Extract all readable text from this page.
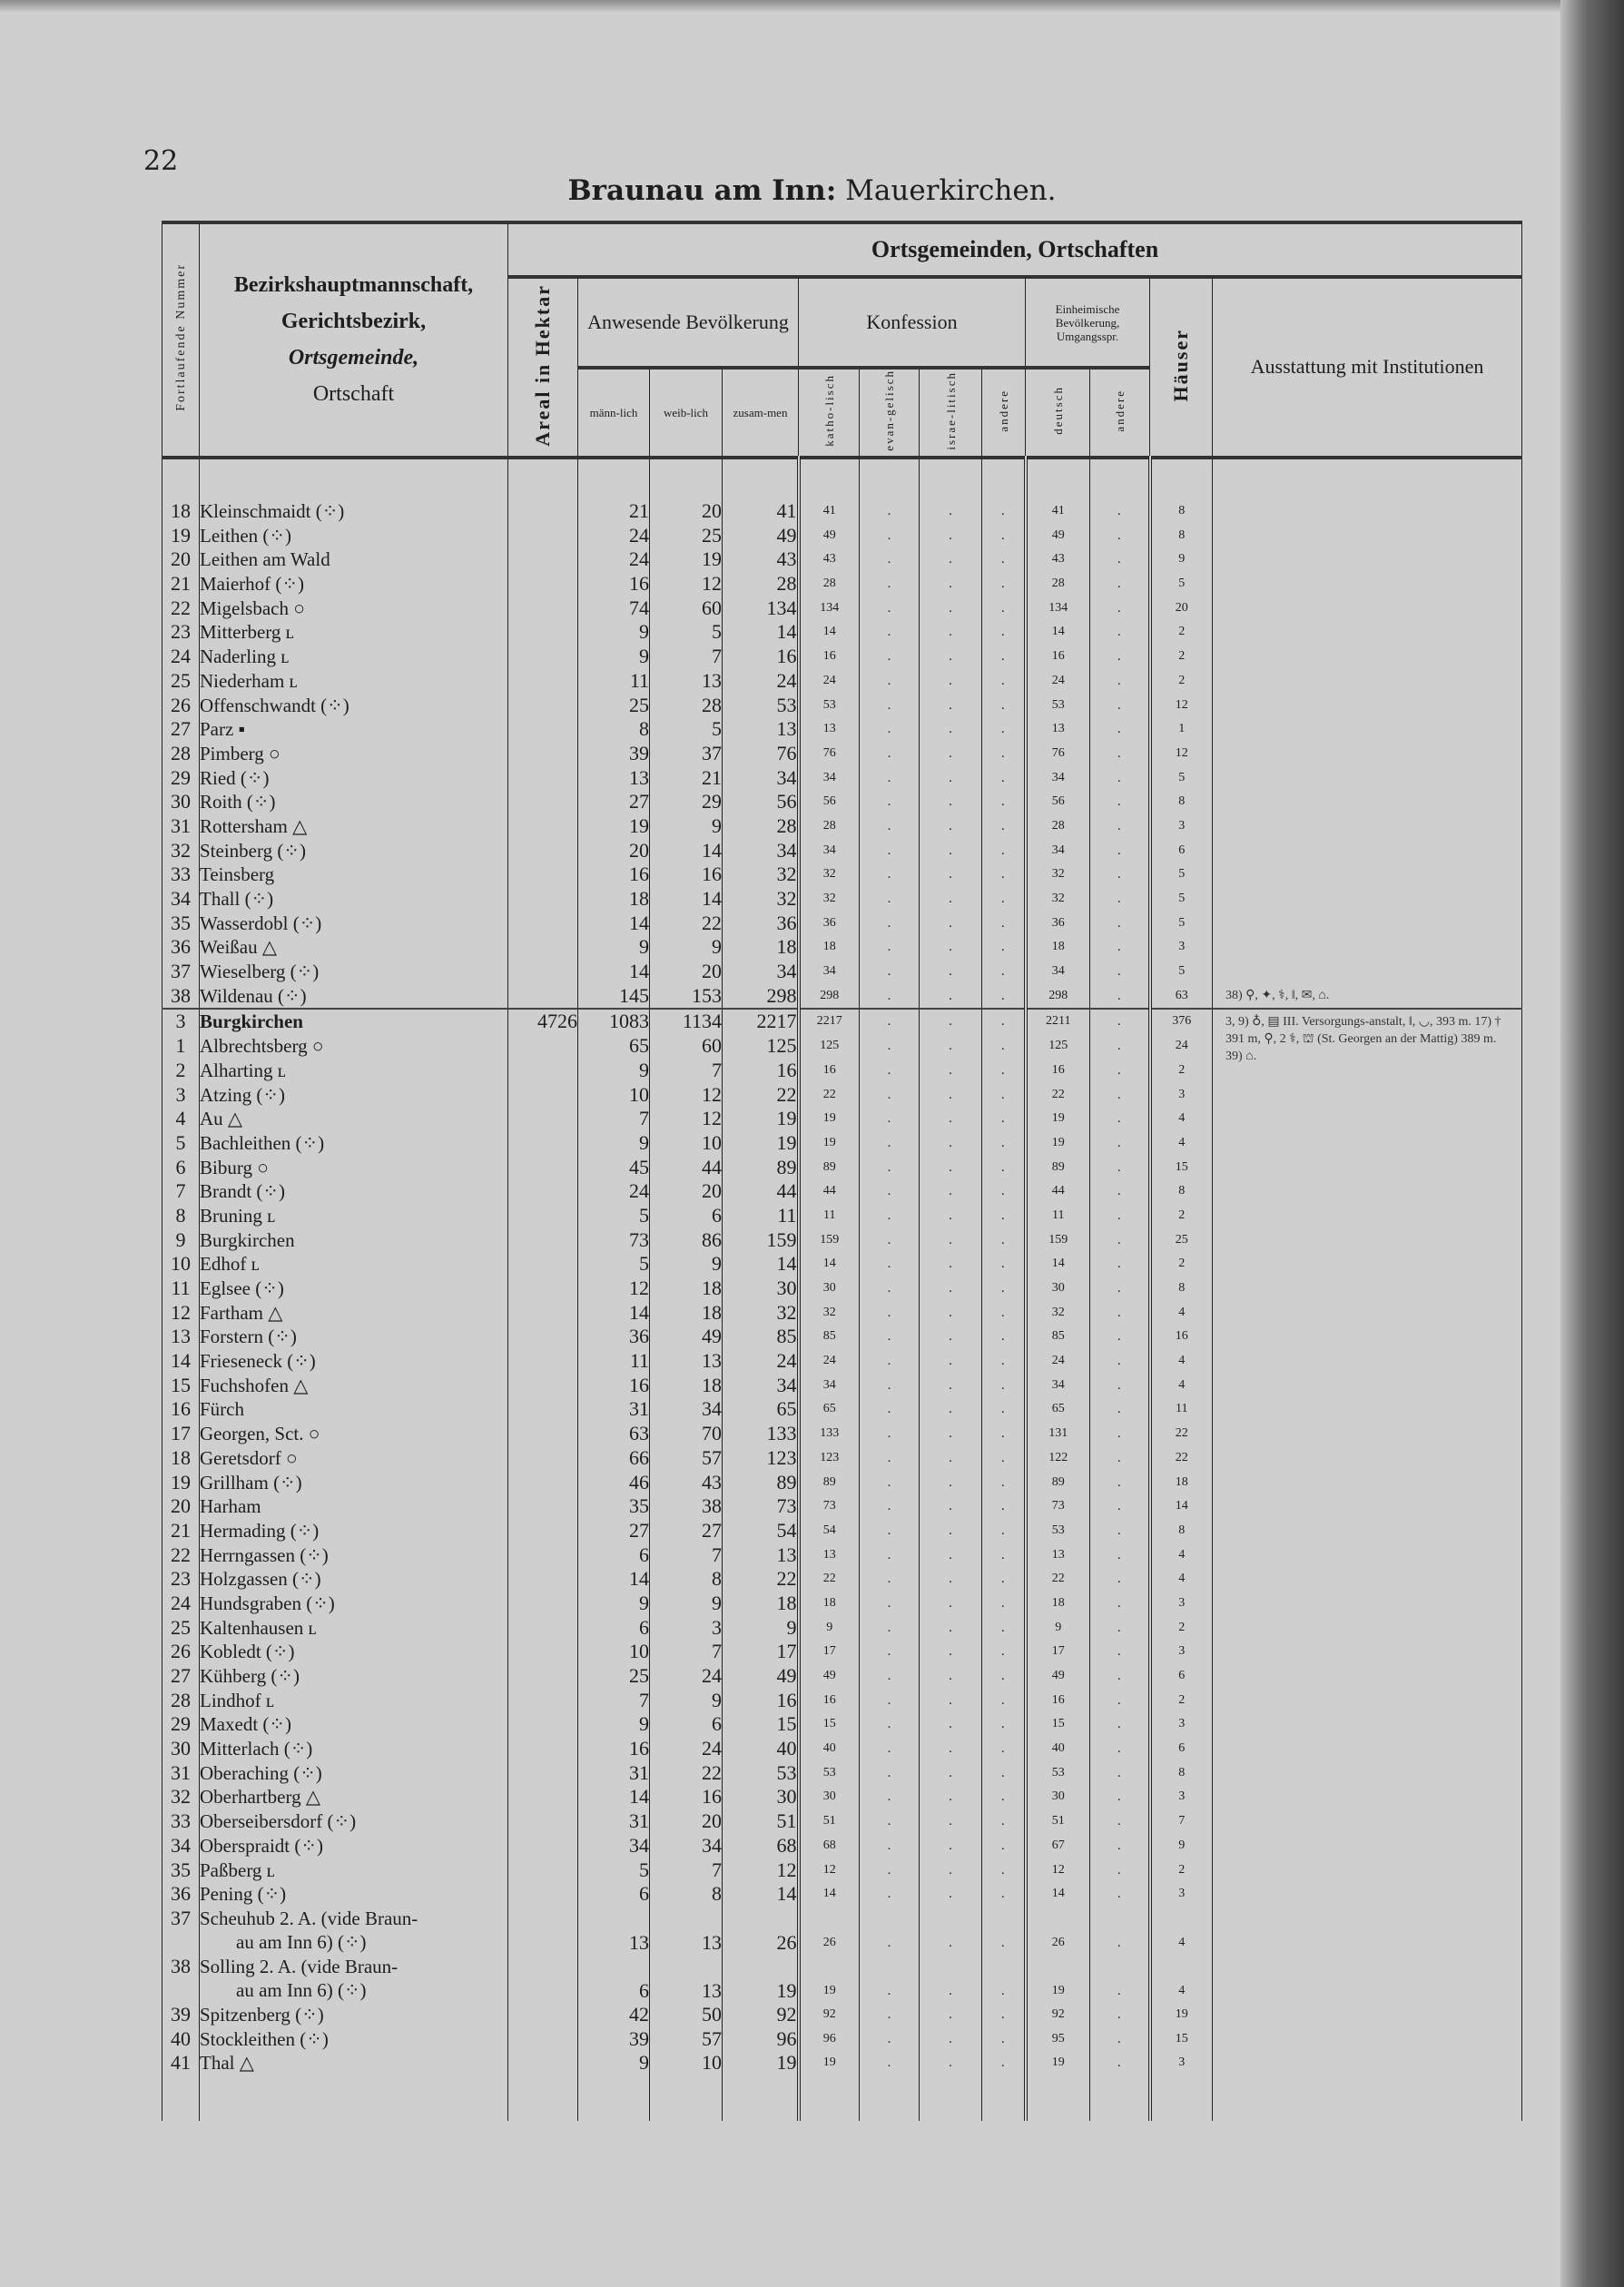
22
Braunau am Inn: Mauerkirchen.
Fortlaufende Nummer	Bezirkshauptmannschaft,
Gerichtsbezirk,
Ortsgemeinde,
Ortschaft	Ortsgemeinden, Ortschaften											
		Areal in Hektar	Anwesende Bevölkerung			Konfession				Einheimische Bevölkerung, Umgangsspr.		Häuser	Ausstattung mit Institutionen
			männ-lich	weib-lich	zusam-men	katho-lisch	evan-gelisch	israe-litisch	andere	deutsch	andere		

18	Kleinschmaidt (⁘)		21	20	41	41	.	.	.	41	.	8	
19	Leithen (⁘)		24	25	49	49	.	.	.	49	.	8	
20	Leithen am Wald		24	19	43	43	.	.	.	43	.	9	
21	Maierhof (⁘)		16	12	28	28	.	.	.	28	.	5	
22	Migelsbach ○		74	60	134	134	.	.	.	134	.	20	
23	Mitterberg ʟ		9	5	14	14	.	.	.	14	.	2	
24	Naderling ʟ		9	7	16	16	.	.	.	16	.	2	
25	Niederham ʟ		11	13	24	24	.	.	.	24	.	2	
26	Offenschwandt (⁘)		25	28	53	53	.	.	.	53	.	12	
27	Parz ▪		8	5	13	13	.	.	.	13	.	1	
28	Pimberg ○		39	37	76	76	.	.	.	76	.	12	
29	Ried (⁘)		13	21	34	34	.	.	.	34	.	5	
30	Roith (⁘)		27	29	56	56	.	.	.	56	.	8	
31	Rottersham △		19	9	28	28	.	.	.	28	.	3	
32	Steinberg (⁘)		20	14	34	34	.	.	.	34	.	6	
33	Teinsberg		16	16	32	32	.	.	.	32	.	5	
34	Thall (⁘)		18	14	32	32	.	.	.	32	.	5	
35	Wasserdobl (⁘)		14	22	36	36	.	.	.	36	.	5	
36	Weißau △		9	9	18	18	.	.	.	18	.	3	
37	Wieselberg (⁘)		14	20	34	34	.	.	.	34	.	5	
38	Wildenau (⁘)		145	153	298	298	.	.	.	298	.	63	38) ⚲, ✦, ⚕, ‖, ✉, ⌂.

3	Burgkirchen	4726	1083	1134	2217	2217	.	.	.	2211	.	376	3, 9) ♁, ▤ III. Versorgungs-anstalt, ‖, ◡, 393 m. 17) † 391 m, ⚲, 2 ⚕, ⛫ (St. Georgen an der Mattig) 389 m. 39) ⌂.

1	Albrechtsberg ○		65	60	125	125	.	.	.	125	.	24	
2	Alharting ʟ		9	7	16	16	.	.	.	16	.	2	
3	Atzing (⁘)		10	12	22	22	.	.	.	22	.	3	
4	Au △		7	12	19	19	.	.	.	19	.	4	
5	Bachleithen (⁘)		9	10	19	19	.	.	.	19	.	4	
6	Biburg ○		45	44	89	89	.	.	.	89	.	15	
7	Brandt (⁘)		24	20	44	44	.	.	.	44	.	8	
8	Bruning ʟ		5	6	11	11	.	.	.	11	.	2	
9	Burgkirchen		73	86	159	159	.	.	.	159	.	25	
10	Edhof ʟ		5	9	14	14	.	.	.	14	.	2	
11	Eglsee (⁘)		12	18	30	30	.	.	.	30	.	8	
12	Fartham △		14	18	32	32	.	.	.	32	.	4	
13	Forstern (⁘)		36	49	85	85	.	.	.	85	.	16	
14	Frieseneck (⁘)		11	13	24	24	.	.	.	24	.	4	
15	Fuchshofen △		16	18	34	34	.	.	.	34	.	4	
16	Fürch		31	34	65	65	.	.	.	65	.	11	
17	Georgen, Sct. ○		63	70	133	133	.	.	.	131	.	22	
18	Geretsdorf ○		66	57	123	123	.	.	.	122	.	22	
19	Grillham (⁘)		46	43	89	89	.	.	.	89	.	18	
20	Harham		35	38	73	73	.	.	.	73	.	14	
21	Hermading (⁘)		27	27	54	54	.	.	.	53	.	8	
22	Herrngassen (⁘)		6	7	13	13	.	.	.	13	.	4	
23	Holzgassen (⁘)		14	8	22	22	.	.	.	22	.	4	
24	Hundsgraben (⁘)		9	9	18	18	.	.	.	18	.	3	
25	Kaltenhausen ʟ		6	3	9	9	.	.	.	9	.	2	
26	Kobledt (⁘)		10	7	17	17	.	.	.	17	.	3	
27	Kühberg (⁘)		25	24	49	49	.	.	.	49	.	6	
28	Lindhof ʟ		7	9	16	16	.	.	.	16	.	2	
29	Maxedt (⁘)		9	6	15	15	.	.	.	15	.	3	
30	Mitterlach (⁘)		16	24	40	40	.	.	.	40	.	6	
31	Oberaching (⁘)		31	22	53	53	.	.	.	53	.	8	
32	Oberhartberg △		14	16	30	30	.	.	.	30	.	3	
33	Oberseibersdorf (⁘)		31	20	51	51	.	.	.	51	.	7	
34	Oberspraidt (⁘)		34	34	68	68	.	.	.	67	.	9	
35	Paßberg ʟ		5	7	12	12	.	.	.	12	.	2	
36	Pening (⁘)		6	8	14	14	.	.	.	14	.	3	
37	Scheuhub 2. A. (vide Braun-
au am Inn 6) (⁘)		13	13	26	26	.	.	.	26	.	4	
38	Solling 2. A. (vide Braun-
au am Inn 6) (⁘)		6	13	19	19	.	.	.	19	.	4	
39	Spitzenberg (⁘)		42	50	92	92	.	.	.	92	.	19	
40	Stockleithen (⁘)		39	57	96	96	.	.	.	95	.	15	
41	Thal △		9	10	19	19	.	.	.	19	.	3	
